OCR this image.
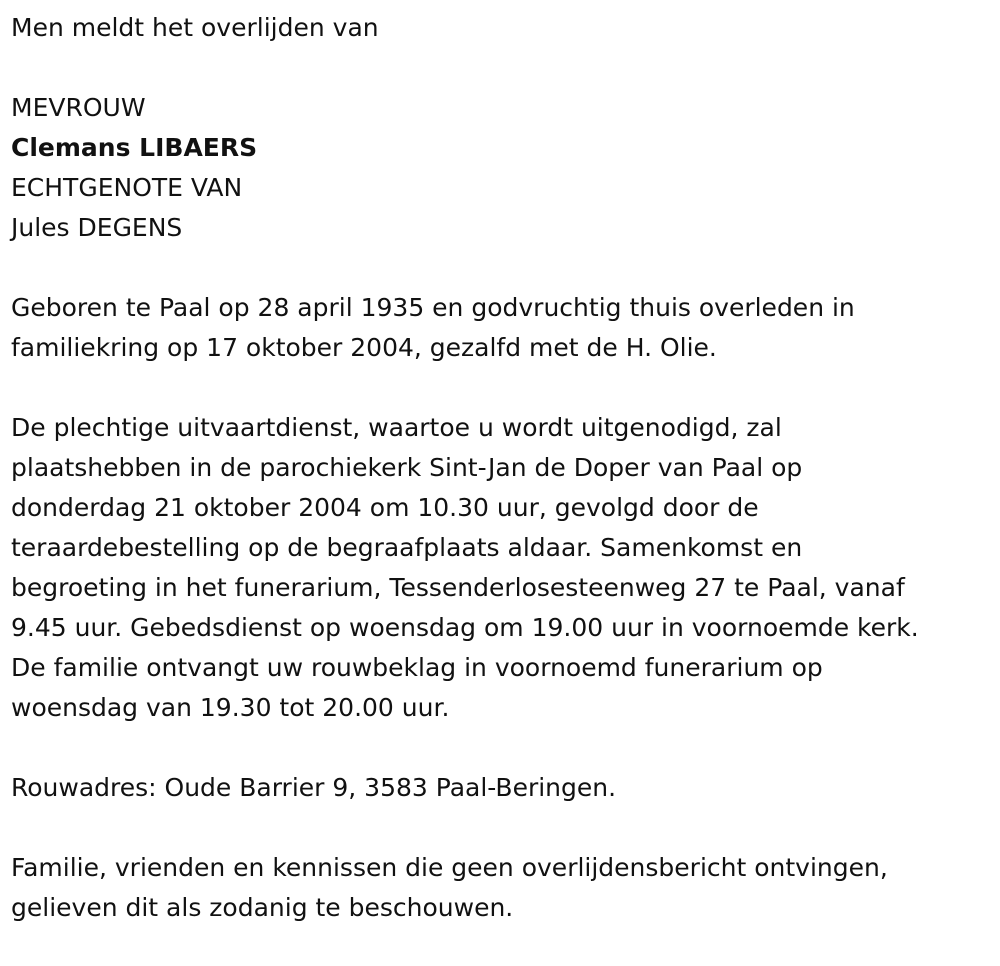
Men meldt het overlijden van

MEVROUW

Clemans LIBAERS

ECHTGENOTE VAN

Jules DEGENS

Geboren te Paal op 28 april 1935 en godvruchtig thuis overleden in
familiekring op 17 oktober 2004, gezalfd met de H. Olie.

De plechtige uitvaartdienst, waartoe u wordt uitgenodigd, zal
plaatshebben in de parochiekerk Sint-Jan de Doper van Paal op
donderdag 21 oktober 2004 om 10.30 uur, gevolgd door de
teraardebestelling op de begraafplaats aldaar. Samenkomst en
begroeting in het funerarium, Tessenderlosesteenweg 27 te Paal, vanaf
9.45 uur. Gebedsdienst op woensdag om 19.00 uur in voornoemde kerk.
De familie ontvangt uw rouwbeklag in voornoemd funerarium op
woensdag van 19.30 tot 20.00 uur.

Rouwadres: Oude Barrier 9, 3583 Paal-Beringen.

Familie, vrienden en kennissen die geen overlijdensbericht ontvingen,
gelieven dit als zodanig te beschouwen.
